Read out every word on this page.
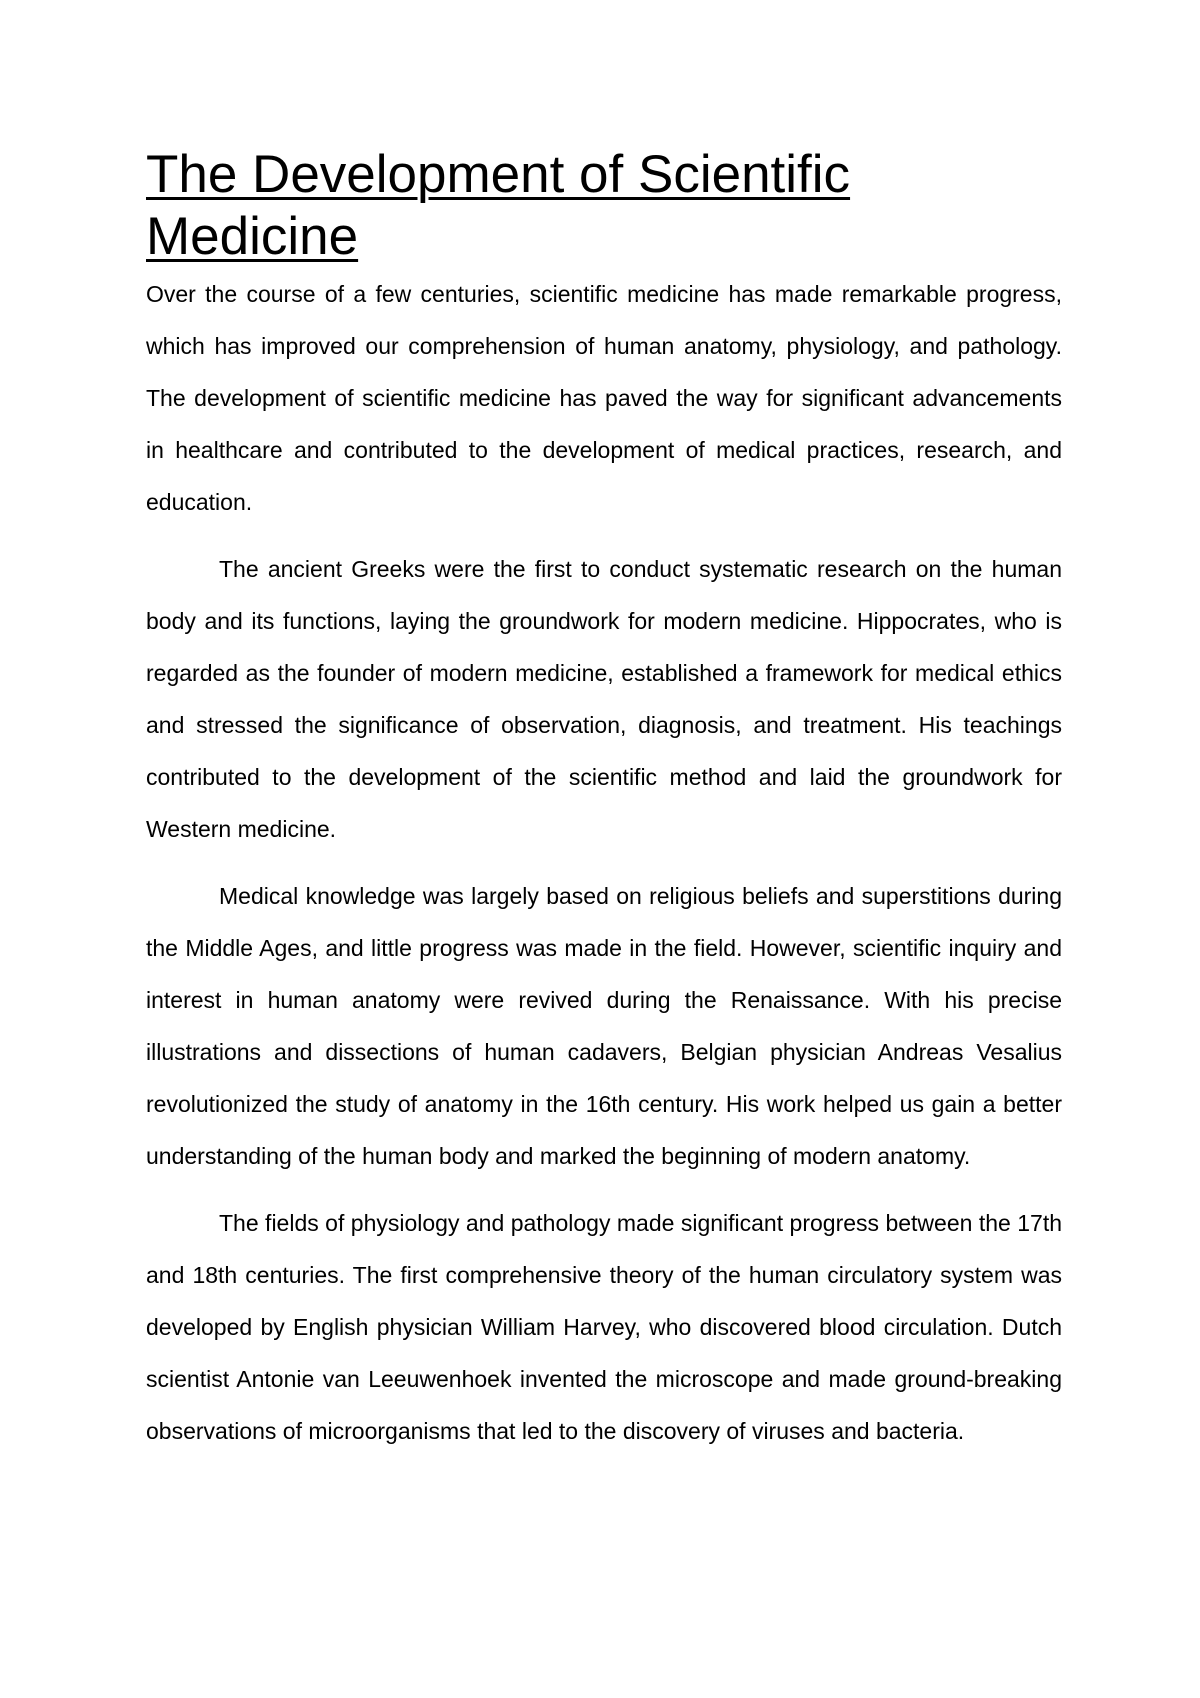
The Development of Scientific Medicine

Over the course of a few centuries, scientific medicine has made remarkable progress, which has improved our comprehension of human anatomy, physiology, and pathology. The development of scientific medicine has paved the way for significant advancements in healthcare and contributed to the development of medical practices, research, and education.

The ancient Greeks were the first to conduct systematic research on the human body and its functions, laying the groundwork for modern medicine. Hippocrates, who is regarded as the founder of modern medicine, established a framework for medical ethics and stressed the significance of observation, diagnosis, and treatment. His teachings contributed to the development of the scientific method and laid the groundwork for Western medicine.

Medical knowledge was largely based on religious beliefs and superstitions during the Middle Ages, and little progress was made in the field. However, scientific inquiry and interest in human anatomy were revived during the Renaissance. With his precise illustrations and dissections of human cadavers, Belgian physician Andreas Vesalius revolutionized the study of anatomy in the 16th century. His work helped us gain a better understanding of the human body and marked the beginning of modern anatomy.

The fields of physiology and pathology made significant progress between the 17th and 18th centuries. The first comprehensive theory of the human circulatory system was developed by English physician William Harvey, who discovered blood circulation. Dutch scientist Antonie van Leeuwenhoek invented the microscope and made ground-breaking observations of microorganisms that led to the discovery of viruses and bacteria.
